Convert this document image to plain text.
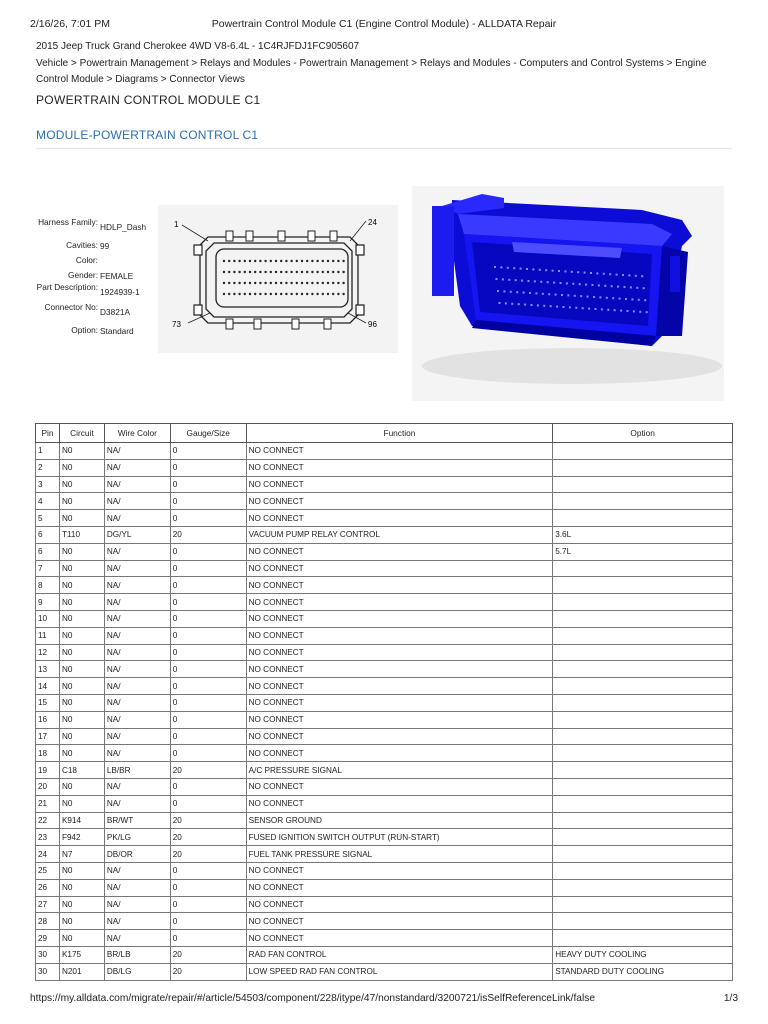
2/16/26, 7:01 PM	Powertrain Control Module C1 (Engine Control Module) - ALLDATA Repair
2015 Jeep Truck Grand Cherokee 4WD V8-6.4L - 1C4RJFDJ1FC905607
Vehicle > Powertrain Management > Relays and Modules - Powertrain Management > Relays and Modules - Computers and Control Systems > Engine Control Module > Diagrams > Connector Views
POWERTRAIN CONTROL MODULE C1
MODULE-POWERTRAIN CONTROL C1
Harness Family: HDLP_Dash
Cavities: 99
Color:
Gender: FEMALE
Part Description: 1924939-1
Connector No: D3821A
Option: Standard
1	24
73	96
Pin	Circuit	Wire Color	Gauge/Size	Function	Option
1	N0	NA/	0	NO CONNECT	
2	N0	NA/	0	NO CONNECT	
3	N0	NA/	0	NO CONNECT	
4	N0	NA/	0	NO CONNECT	
5	N0	NA/	0	NO CONNECT	
6	T110	DG/YL	20	VACUUM PUMP RELAY CONTROL	3.6L
6	N0	NA/	0	NO CONNECT	5.7L
7	N0	NA/	0	NO CONNECT	
8	N0	NA/	0	NO CONNECT	
9	N0	NA/	0	NO CONNECT	
10	N0	NA/	0	NO CONNECT	
11	N0	NA/	0	NO CONNECT	
12	N0	NA/	0	NO CONNECT	
13	N0	NA/	0	NO CONNECT	
14	N0	NA/	0	NO CONNECT	
15	N0	NA/	0	NO CONNECT	
16	N0	NA/	0	NO CONNECT	
17	N0	NA/	0	NO CONNECT	
18	N0	NA/	0	NO CONNECT	
19	C18	LB/BR	20	A/C PRESSURE SIGNAL	
20	N0	NA/	0	NO CONNECT	
21	N0	NA/	0	NO CONNECT	
22	K914	BR/WT	20	SENSOR GROUND	
23	F942	PK/LG	20	FUSED IGNITION SWITCH OUTPUT (RUN-START)	
24	N7	DB/OR	20	FUEL TANK PRESSURE SIGNAL	
25	N0	NA/	0	NO CONNECT	
26	N0	NA/	0	NO CONNECT	
27	N0	NA/	0	NO CONNECT	
28	N0	NA/	0	NO CONNECT	
29	N0	NA/	0	NO CONNECT	
30	K175	BR/LB	20	RAD FAN CONTROL	HEAVY DUTY COOLING
30	N201	DB/LG	20	LOW SPEED RAD FAN CONTROL	STANDARD DUTY COOLING
https://my.alldata.com/migrate/repair/#/article/54503/component/228/itype/47/nonstandard/3200721/isSelfReferenceLink/false	1/3
